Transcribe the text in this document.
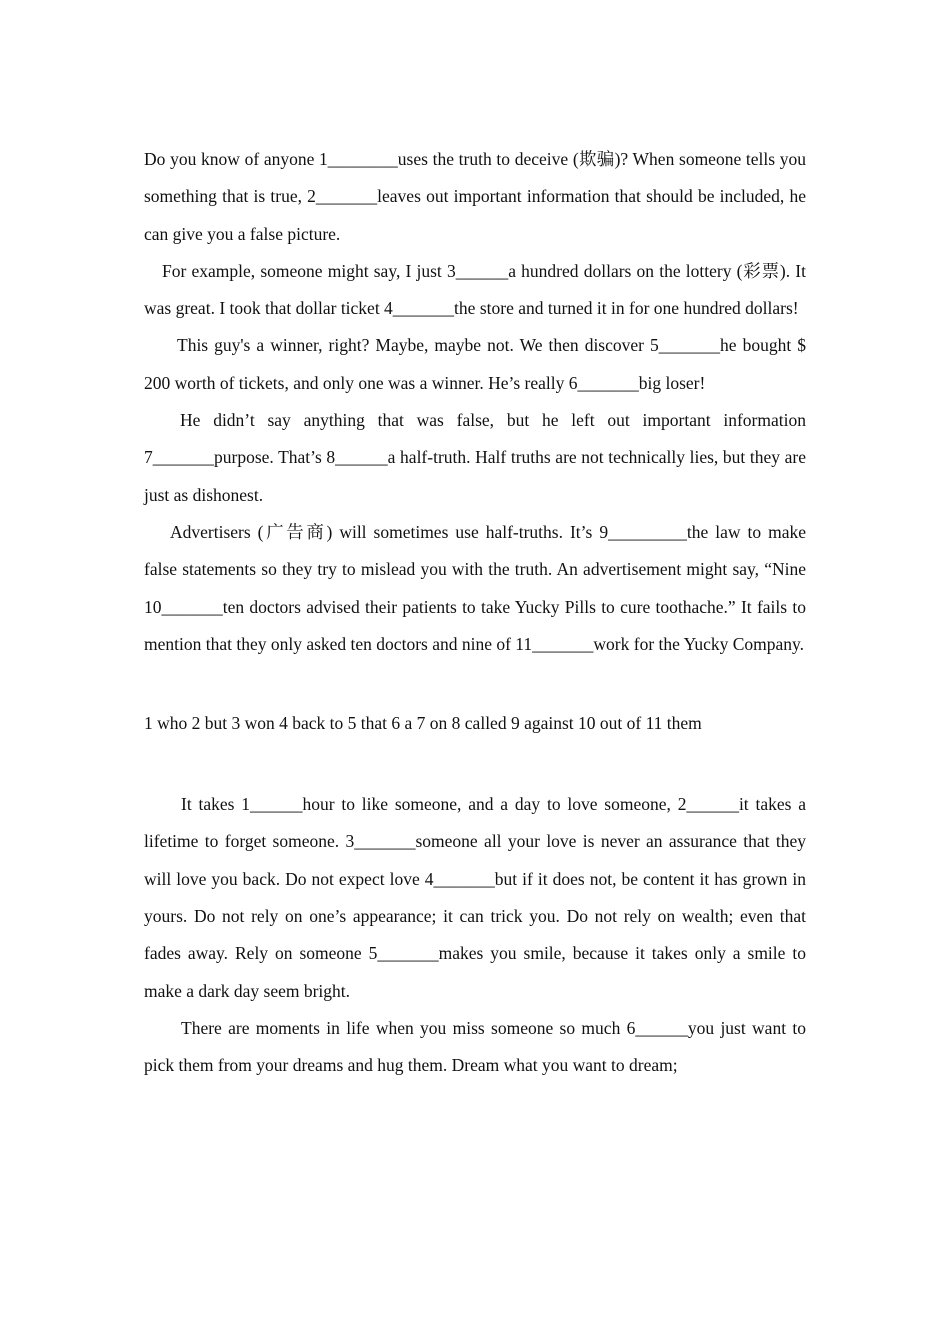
Do you know of anyone 1________uses the truth to deceive (欺骗)? When someone tells you something that is true, 2_______leaves out important information that should be included, he can give you a false picture.

For example, someone might say, I just 3______a hundred dollars on the lottery (彩票). It was great. I took that dollar ticket 4_______the store and turned it in for one hundred dollars!

This guy's a winner, right? Maybe, maybe not. We then discover 5_______he bought $ 200 worth of tickets, and only one was a winner. He’s really 6_______big loser!

He didn’t say anything that was false, but he left out important information 7_______purpose. That’s 8______a half-truth. Half truths are not technically lies, but they are just as dishonest.

Advertisers (广告商) will sometimes use half-truths. It’s 9_________the law to make false statements so they try to mislead you with the truth. An advertisement might say, “Nine 10_______ten doctors advised their patients to take Yucky Pills to cure toothache.” It fails to mention that they only asked ten doctors and nine of 11_______work for the Yucky Company.

1 who 2 but 3 won 4 back to 5 that 6 a 7 on 8 called 9 against 10 out of 11 them

It takes 1______hour to like someone, and a day to love someone, 2______it takes a lifetime to forget someone. 3_______someone all your love is never an assurance that they will love you back. Do not expect love 4_______but if it does not, be content it has grown in yours. Do not rely on one’s appearance; it can trick you. Do not rely on wealth; even that fades away. Rely on someone 5_______makes you smile, because it takes only a smile to make a dark day seem bright.

There are moments in life when you miss someone so much 6______you just want to pick them from your dreams and hug them. Dream what you want to dream;
